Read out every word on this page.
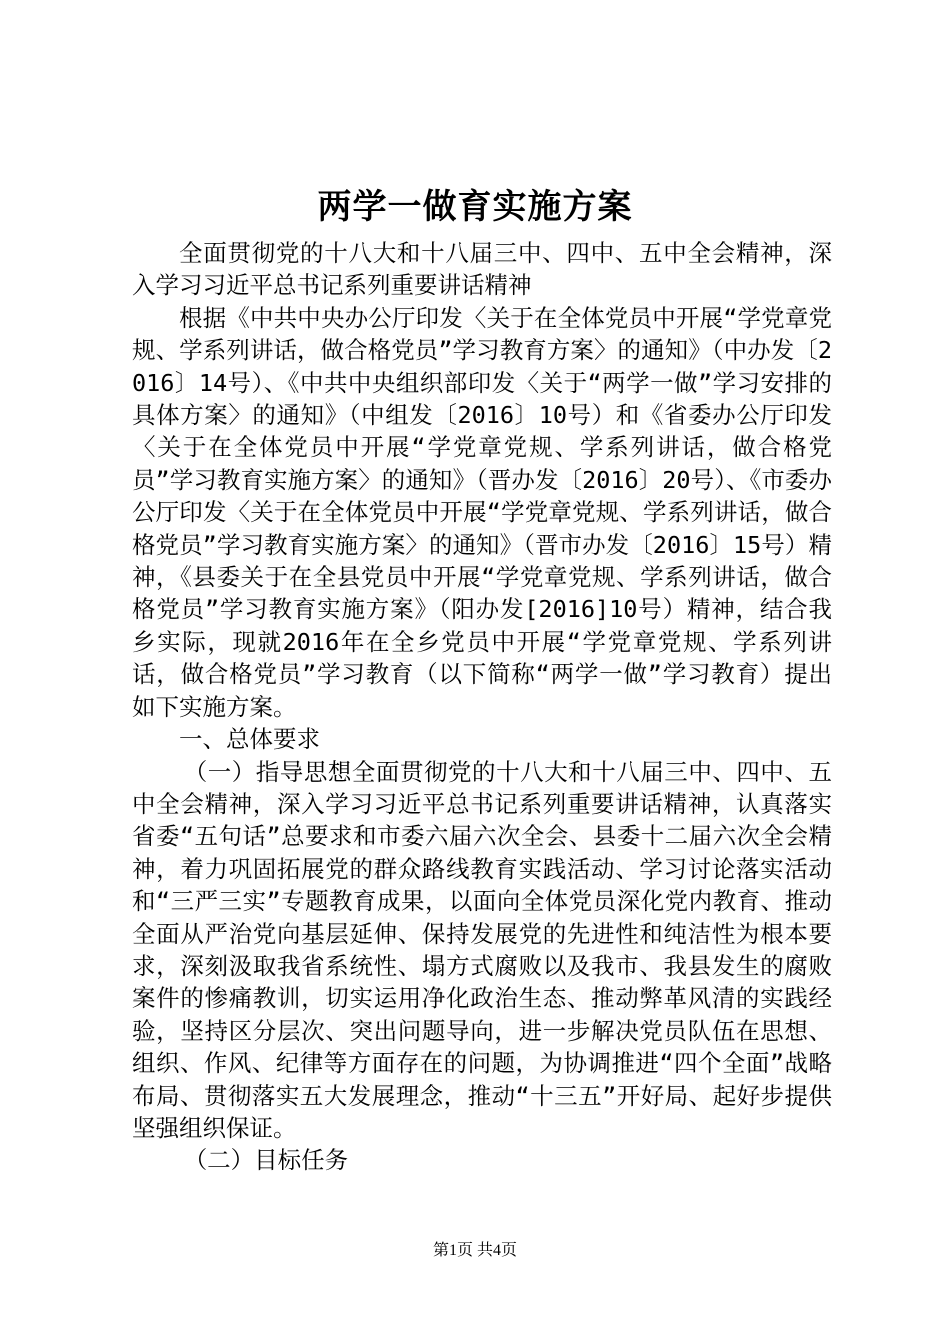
两学一做育实施方案

全面贯彻党的十八大和十八届三中、四中、五中全会精神，深入学习习近平总书记系列重要讲话精神

根据《中共中央办公厅印发〈关于在全体党员中开展“学党章党规、学系列讲话，做合格党员”学习教育方案〉的通知》（中办发〔2016〕14号）、《中共中央组织部印发〈关于“两学一做”学习安排的具体方案〉的通知》（中组发〔2016〕10号）和《省委办公厅印发〈关于在全体党员中开展“学党章党规、学系列讲话，做合格党员”学习教育实施方案〉的通知》（晋办发〔2016〕20号）、《市委办公厅印发〈关于在全体党员中开展“学党章党规、学系列讲话，做合格党员”学习教育实施方案〉的通知》（晋市办发〔2016〕15号）精神，《县委关于在全县党员中开展“学党章党规、学系列讲话，做合格党员”学习教育实施方案》（阳办发[2016]10号）精神，结合我乡实际，现就2016年在全乡党员中开展“学党章党规、学系列讲话，做合格党员”学习教育（以下简称“两学一做”学习教育）提出如下实施方案。

一、总体要求

（一）指导思想全面贯彻党的十八大和十八届三中、四中、五中全会精神，深入学习习近平总书记系列重要讲话精神，认真落实省委“五句话”总要求和市委六届六次全会、县委十二届六次全会精神，着力巩固拓展党的群众路线教育实践活动、学习讨论落实活动和“三严三实”专题教育成果，以面向全体党员深化党内教育、推动全面从严治党向基层延伸、保持发展党的先进性和纯洁性为根本要求，深刻汲取我省系统性、塌方式腐败以及我市、我县发生的腐败案件的惨痛教训，切实运用净化政治生态、推动弊革风清的实践经验，坚持区分层次、突出问题导向，进一步解决党员队伍在思想、组织、作风、纪律等方面存在的问题，为协调推进“四个全面”战略布局、贯彻落实五大发展理念，推动“十三五”开好局、起好步提供坚强组织保证。

（二）目标任务

第1页 共4页
